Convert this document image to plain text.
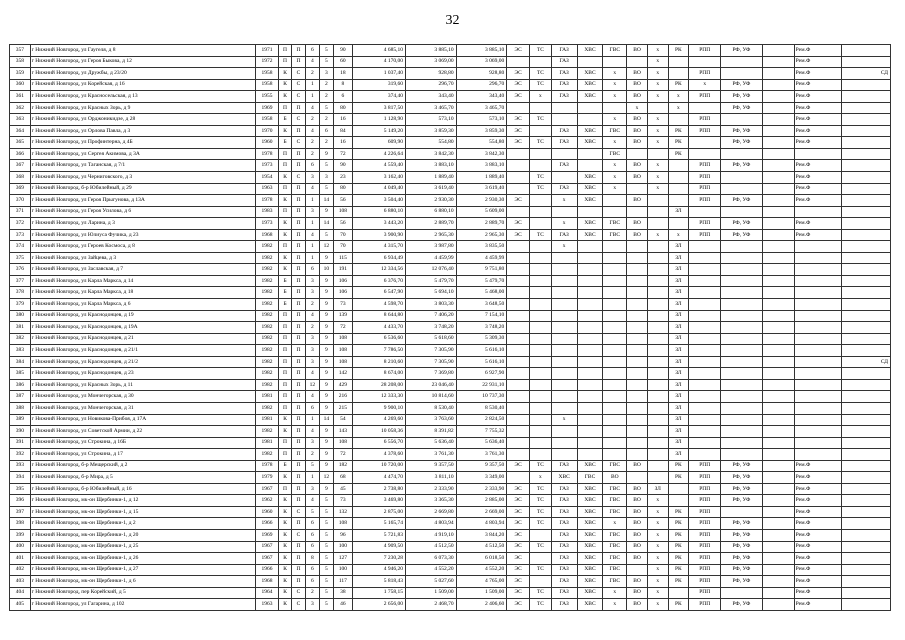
32
357	г Нижний Новгород, ул Гаугеля, д 8	1971	П	П	6	5	90	4 685,10	3 885,10	3 885,10	ЭС	ТС	ГАЗ	ХВС	ГВС	ВО	х	РК	РПП	РФ, УФ		Рем.Ф	
358	г Нижний Новгород, ул Героя Быкова, д 12	1972	П	П	4	5	60	4 170,00	3 069,00	3 069,00			ГАЗ				х					Рем.Ф	
359	г Нижний Новгород, ул Дружбы, д 23/20	1958	К	С	2	3	18	1 037,40	928,80	928,80	ЭС	ТС	ГАЗ	ХВС	х	ВО	х		РПП			Рем.Ф	СД
360	г Нижний Новгород, ул Корейская, д 16	1958	К	С	1	2	8	319,60	296,70	296,70	ЭС	ТС	ГАЗ	ХВС	х	ВО	х	РК	х	РФ, УФ		Рем.Ф	
361	г Нижний Новгород, ул Красносельская, д 13	1955	К	С	1	2	6	374,40	343,40	343,40	ЭС	х	ГАЗ	ХВС	х	ВО	х	х	РПП	РФ, УФ		Рем.Ф	
362	г Нижний Новгород, ул Красных Зорь, д 9	1969	П	П	4	5	80	3 817,50	3 465,70	3 465,70						х		х		РФ, УФ		Рем.Ф	
363	г Нижний Новгород, ул Орджоникидзе, д 28	1958	Б	С	2	2	16	1 128,90	573,10	573,10	ЭС	ТС			х	ВО	х		РПП			Рем.Ф	
364	г Нижний Новгород, ул Орлова Павла, д 3	1970	К	П	4	6	84	5 149,20	3 859,30	3 859,30	ЭС		ГАЗ	ХВС	ГВС	ВО	х	РК	РПП	РФ, УФ		Рем.Ф	
365	г Нижний Новгород, ул Профинтерна, д 4Б	1960	Б	С	2	2	16	609,90	554,80	554,80	ЭС	ТС	ГАЗ	ХВС	х	ВО	х	РК		РФ, УФ		Рем.Ф	
366	г Нижний Новгород, ул Сергея Акимова, д 3А	1978	П	П	2	9	72	4 226,64	3 842,30	3 842,30					ГВС			РК					
367	г Нижний Новгород, ул Таганская, д 7/1	1973	П	П	6	5	90	4 559,40	3 883,10	3 883,10			ГАЗ		х	ВО	х		РПП	РФ, УФ		Рем.Ф	
368	г Нижний Новгород, ул Черниговского, д 3	1954	К	С	3	3	23	3 162,40	1 889,40	1 889,40		ТС		ХВС	х	ВО	х		РПП			Рем.Ф	
369	г Нижний Новгород, б-р Юбилейный, д 29	1963	П	П	4	5	80	4 049,40	3 619,40	3 619,40		ТС	ГАЗ	ХВС	х		х		РПП			Рем.Ф	
370	г Нижний Новгород, ул Героя Прыгунова, д 13А	1978	К	П	1	14	56	3 504,40	2 930,30	2 930,30	ЭС		х	ХВС		ВО			РПП	РФ, УФ		Рем.Ф	
371	г Нижний Новгород, ул Героя Усилова, д 6	1983	П	П	3	9	108	6 880,10	6 880,10	5 609,00								ЗЛ					
372	г Нижний Новгород, ул Ларина, д 3	1973	К	П	1	14	56	3 443,20	2 889,70	2 889,70	ЭС		х	ХВС	ГВС	ВО			РПП	РФ, УФ		Рем.Ф	
373	г Нижний Новгород, ул Юлиуса Фучика, д 23	1968	К	П	4	5	70	3 900,90	2 965,30	2 965,30	ЭС	ТС	ГАЗ	ХВС	ГВС	ВО	х	х	РПП	РФ, УФ		Рем.Ф	
374	г Нижний Новгород, ул Героев Космоса, д 8	1982	П	П	1	12	70	4 315,70	3 987,80	3 835,50			х					ЗЛ					
375	г Нижний Новгород, ул Зайцева, д 3	1982	К	П	1	9	115	6 934,49	4 459,99	4 459,99								ЗЛ					
376	г Нижний Новгород, ул Заславская, д 7	1982	К	П	6	10	191	12 334,56	12 076,40	9 751,80								ЗЛ					
377	г Нижний Новгород, ул Карла Маркса, д 14	1982	Б	П	3	9	106	6 376,70	5 479,70	5 479,70								ЗЛ					
378	г Нижний Новгород, ул Карла Маркса, д 18	1982	Б	П	3	9	106	6 547,90	5 694,10	5 468,00								ЗЛ					
379	г Нижний Новгород, ул Карла Маркса, д 6	1982	Б	П	2	9	73	4 598,70	3 803,30	3 648,50								ЗЛ					
380	г Нижний Новгород, ул Краснодонцев, д 19	1982	П	П	4	9	139	8 644,80	7 406,20	7 154,10								ЗЛ					
381	г Нижний Новгород, ул Краснодонцев, д 19А	1982	П	П	2	9	72	4 433,70	3 748,20	3 748,20								ЗЛ					
382	г Нижний Новгород, ул Краснодонцев, д 21	1982	П	П	3	9	108	6 536,60	5 618,60	5 309,30								ЗЛ					
383	г Нижний Новгород, ул Краснодонцев, д 21/1	1982	П	П	3	9	108	7 786,50	7 305,90	5 616,10								ЗЛ					
384	г Нижний Новгород, ул Краснодонцев, д 21/2	1982	П	П	3	9	108	8 210,60	7 305,90	5 616,10								ЗЛ					СД
385	г Нижний Новгород, ул Краснодонцев, д 23	1982	П	П	4	9	142	8 674,00	7 369,80	6 927,90								ЗЛ					
386	г Нижний Новгород, ул Красных Зорь, д 11	1982	П	П	12	9	429	28 208,00	23 046,40	22 931,10								ЗЛ					
387	г Нижний Новгород, ул Мончегорская, д 30	1981	П	П	4	9	216	12 333,30	10 814,60	10 737,30								ЗЛ					
388	г Нижний Новгород, ул Мончегорская, д 31	1982	П	П	6	9	215	9 900,10	8 530,40	8 530,40								ЗЛ					
389	г Нижний Новгород, ул Новикова-Прибоя, д 17А	1981	К	П	1	14	54	4 269,60	3 763,60	2 824,50			х					ЗЛ					
390	г Нижний Новгород, ул Советской Армии, д 22	1982	К	П	4	9	143	10 058,36	8 391,82	7 755,32								ЗЛ					
391	г Нижний Новгород, ул Строкина, д 16Б	1981	П	П	3	9	108	6 556,70	5 636,40	5 636,40								ЗЛ					
392	г Нижний Новгород, ул Строкина, д 17	1982	П	П	2	9	72	4 378,60	3 761,30	3 761,30								ЗЛ					
393	г Нижний Новгород, б-р Мещерский, д 2	1978	Б	П	5	9	182	10 720,00	9 357,50	9 357,50	ЭС	ТС	ГАЗ	ХВС	ГВС	ВО		РК	РПП	РФ, УФ		Рем.Ф	
394	г Нижний Новгород, б-р Мира, д 5	1979	К	П	1	12	68	4 474,70	3 811,10	3 349,00		х	ХВС	ГВС	ВО			РК	РПП	РФ, УФ		Рем.Ф	
395	г Нижний Новгород, б-р Юбилейный, д 16	1967	П	П	3	9	45	2 738,80	2 333,90	2 333,90	ЭС	ТС	ГАЗ	ХВС	ГВС	ВО	ЗЛ		РПП	РФ, УФ		Рем.Ф	
396	г Нижний Новгород, мк-он Щербинки-1, д 12	1962	К	П	4	5	73	3 469,80	3 365,30	2 885,00	ЭС	ТС	ГАЗ	ХВС	ГВС	ВО	х		РПП	РФ, УФ		Рем.Ф	
397	г Нижний Новгород, мк-он Щербинки-1, д 15	1960	К	С	5	5	132	2 875,00	2 669,80	2 669,00	ЭС	ТС	ГАЗ	ХВС	ГВС	ВО	х	РК	РПП			Рем.Ф	
398	г Нижний Новгород, мк-он Щербинки-1, д 2	1966	К	П	6	5	108	5 165,74	4 803,94	4 803,94	ЭС	ТС	ГАЗ	ХВС	х	ВО	х	РК	РПП	РФ, УФ		Рем.Ф	
399	г Нижний Новгород, мк-он Щербинки-1, д 20	1969	К	С	6	5	96	5 721,83	4 919,10	3 844,20	ЭС		ГАЗ	ХВС	ГВС	ВО	х	РК	РПП	РФ, УФ		Рем.Ф	
400	г Нижний Новгород, мк-он Щербинки-1, д 25	1967	К	П	6	5	100	4 909,50	4 512,50	4 512,50	ЭС	ТС	ГАЗ	ХВС	ГВС	ВО	х	РК	РПП	РФ, УФ		Рем.Ф	
401	г Нижний Новгород, мк-он Щербинки-1, д 26	1967	К	П	8	5	127	7 230,28	6 073,30	6 018,50	ЭС		ГАЗ	ХВС	ГВС	ВО	х	РК	РПП	РФ, УФ		Рем.Ф	
402	г Нижний Новгород, мк-он Щербинки-1, д 27	1966	К	П	6	5	100	4 946,20	4 552,20	4 552,20	ЭС	ТС	ГАЗ	ХВС	ГВС		х	РК	РПП	РФ, УФ		Рем.Ф	
403	г Нижний Новгород, мк-он Щербинки-1, д 6	1968	К	П	6	5	117	5 818,43	5 027,60	4 765,00	ЭС		ГАЗ	ХВС	ГВС	ВО	х	РК	РПП	РФ, УФ		Рем.Ф	
404	г Нижний Новгород, пер Корейский, д 5	1964	К	С	2	5	38	1 758,15	1 509,00	1 509,00	ЭС	ТС	ГАЗ	ХВС	х	ВО	х		РПП			Рем.Ф	
405	г Нижний Новгород, ул Гагарина, д 102	1963	К	С	3	5	46	2 656,00	2 468,70	2 406,60	ЭС	ТС	ГАЗ	ХВС	х	ВО	х	РК	РПП	РФ, УФ		Рем.Ф	
